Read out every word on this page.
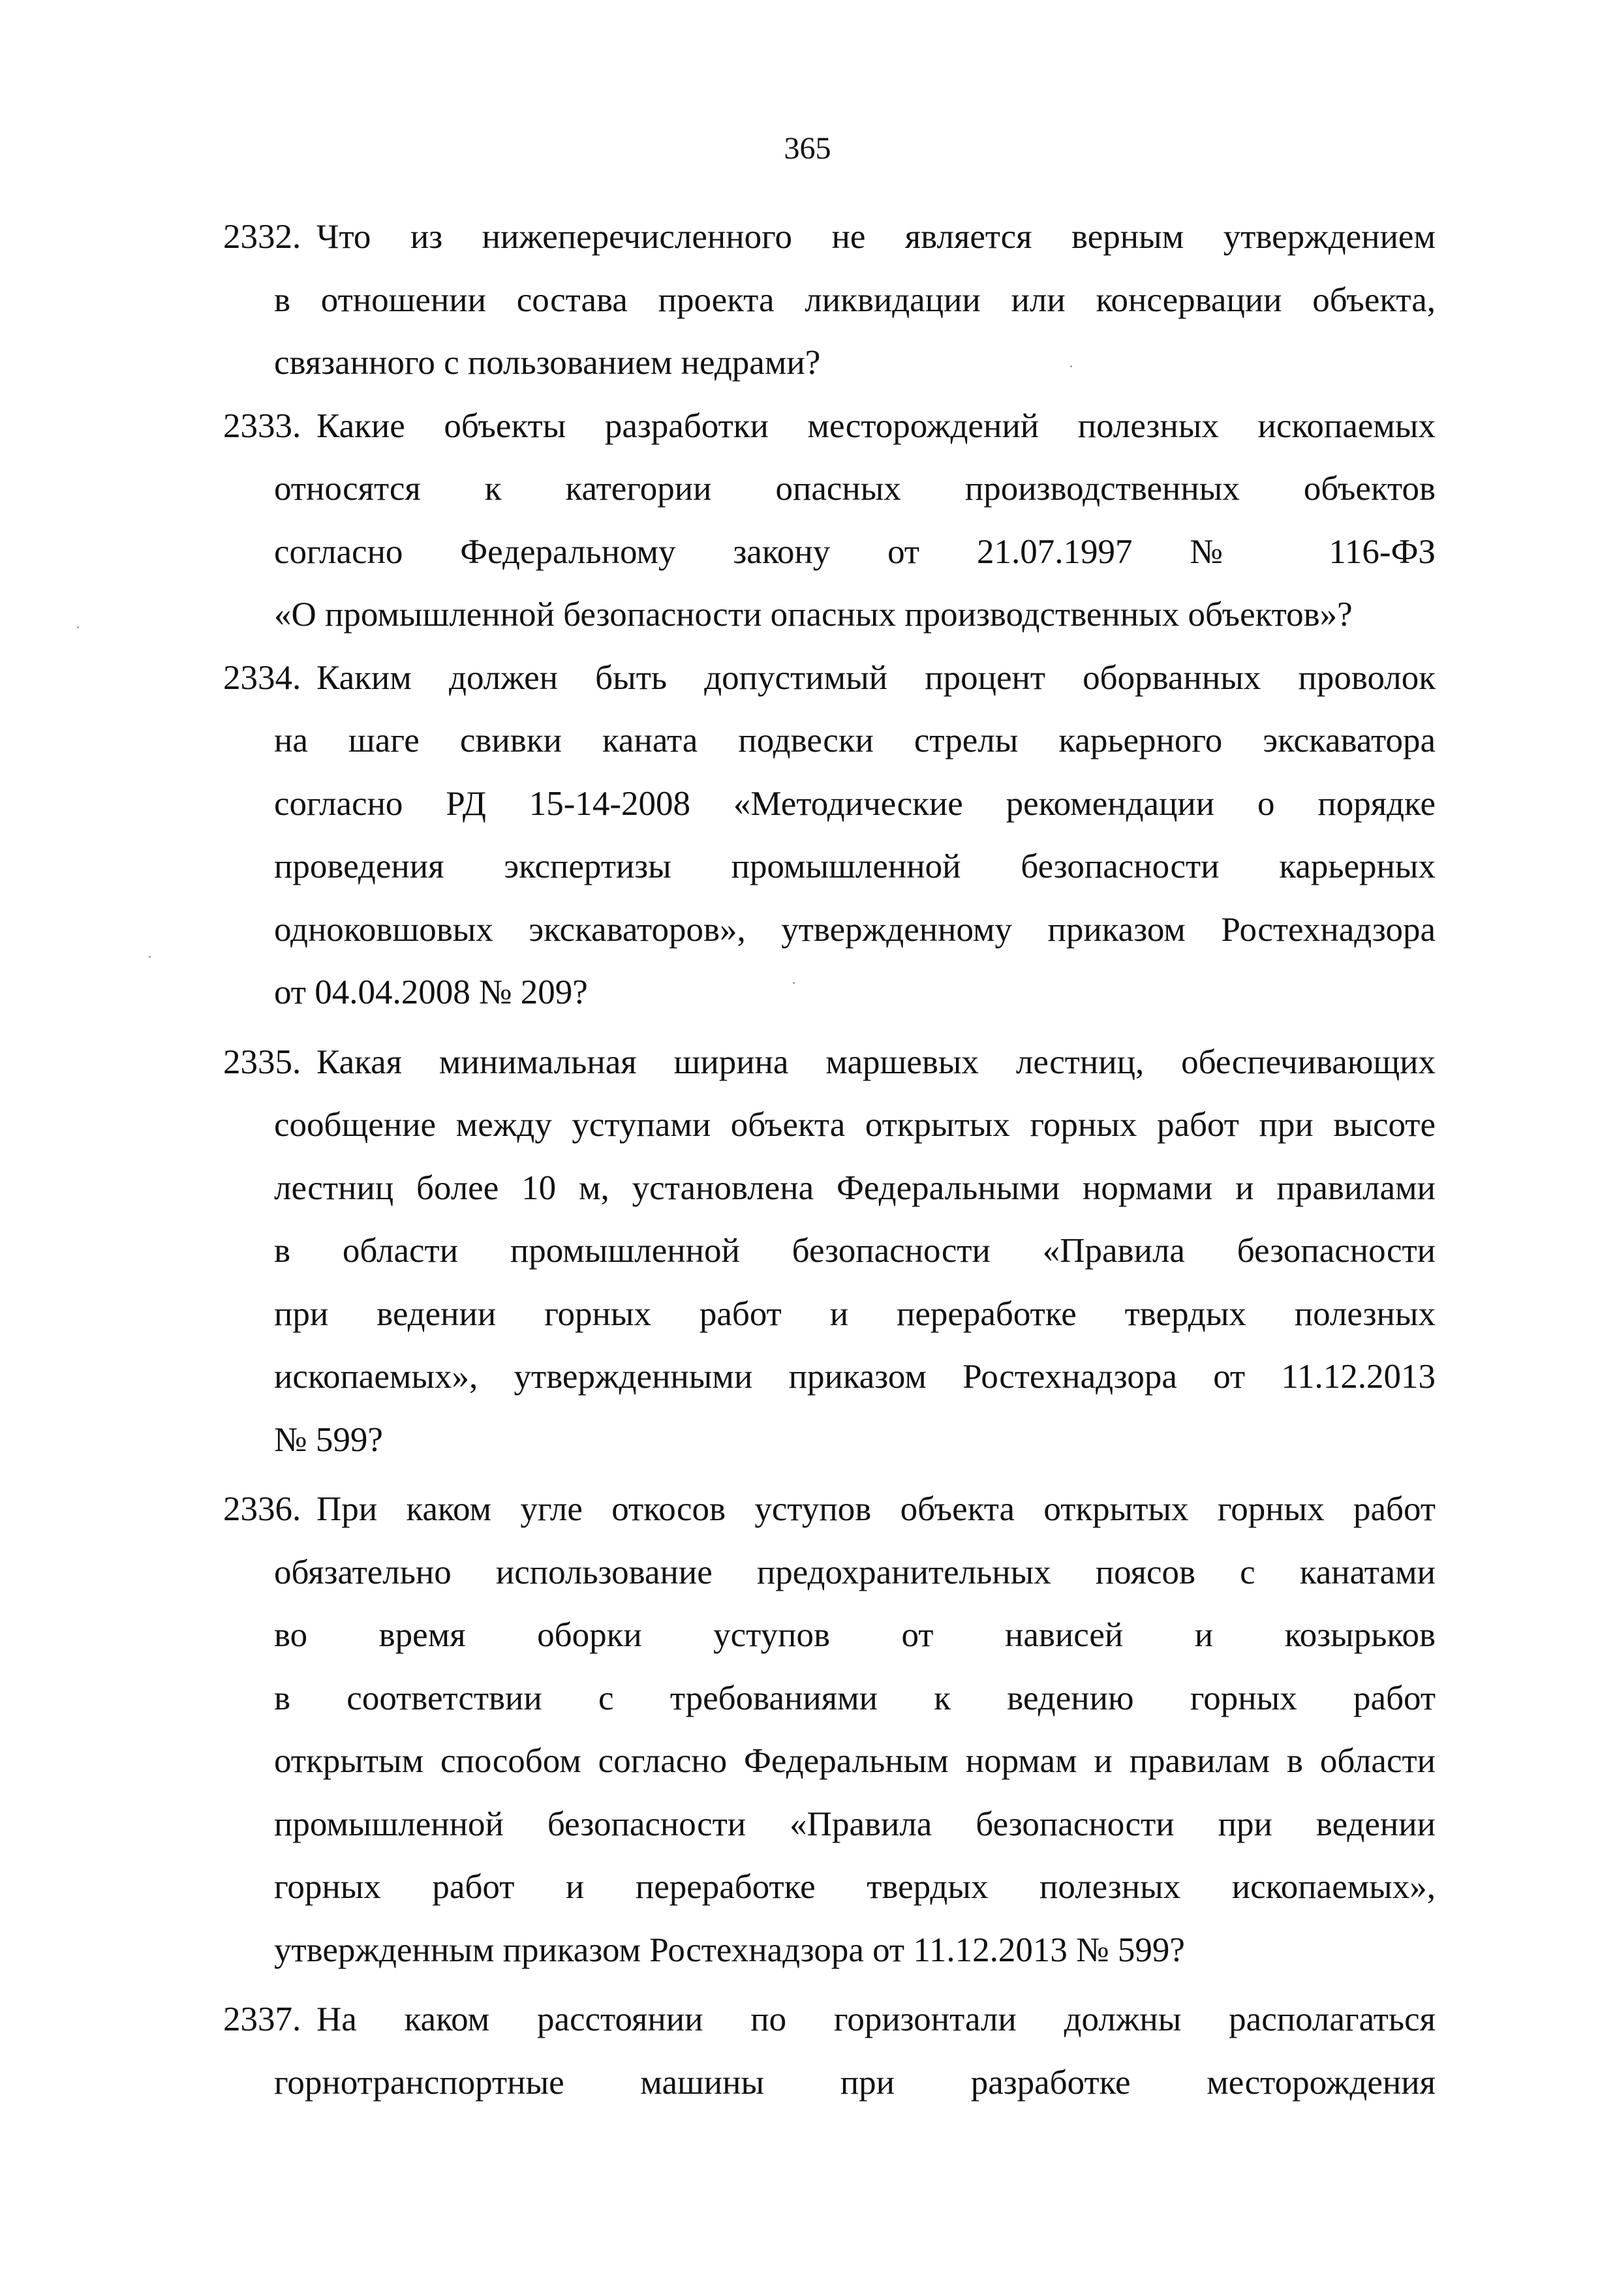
365
2332. Что из нижеперечисленного не является верным утверждением
в отношении состава проекта ликвидации или консервации объекта,
связанного с пользованием недрами?
2333. Какие объекты разработки месторождений полезных ископаемых
относятся к категории опасных производственных объектов
согласно Федеральному закону от 21.07.1997 № 116-ФЗ
«О промышленной безопасности опасных производственных объектов»?
2334. Каким должен быть допустимый процент оборванных проволок
на шаге свивки каната подвески стрелы карьерного экскаватора
согласно РД 15-14-2008 «Методические рекомендации о порядке
проведения экспертизы промышленной безопасности карьерных
одноковшовых экскаваторов», утвержденному приказом Ростехнадзора
от 04.04.2008 № 209?
2335. Какая минимальная ширина маршевых лестниц, обеспечивающих
сообщение между уступами объекта открытых горных работ при высоте
лестниц более 10 м, установлена Федеральными нормами и правилами
в области промышленной безопасности «Правила безопасности
при ведении горных работ и переработке твердых полезных
ископаемых», утвержденными приказом Ростехнадзора от 11.12.2013
№ 599?
2336. При каком угле откосов уступов объекта открытых горных работ
обязательно использование предохранительных поясов с канатами
во время оборки уступов от нависей и козырьков
в соответствии с требованиями к ведению горных работ
открытым способом согласно Федеральным нормам и правилам в области
промышленной безопасности «Правила безопасности при ведении
горных работ и переработке твердых полезных ископаемых»,
утвержденным приказом Ростехнадзора от 11.12.2013 № 599?
2337. На каком расстоянии по горизонтали должны располагаться
горнотранспортные машины при разработке месторождения
